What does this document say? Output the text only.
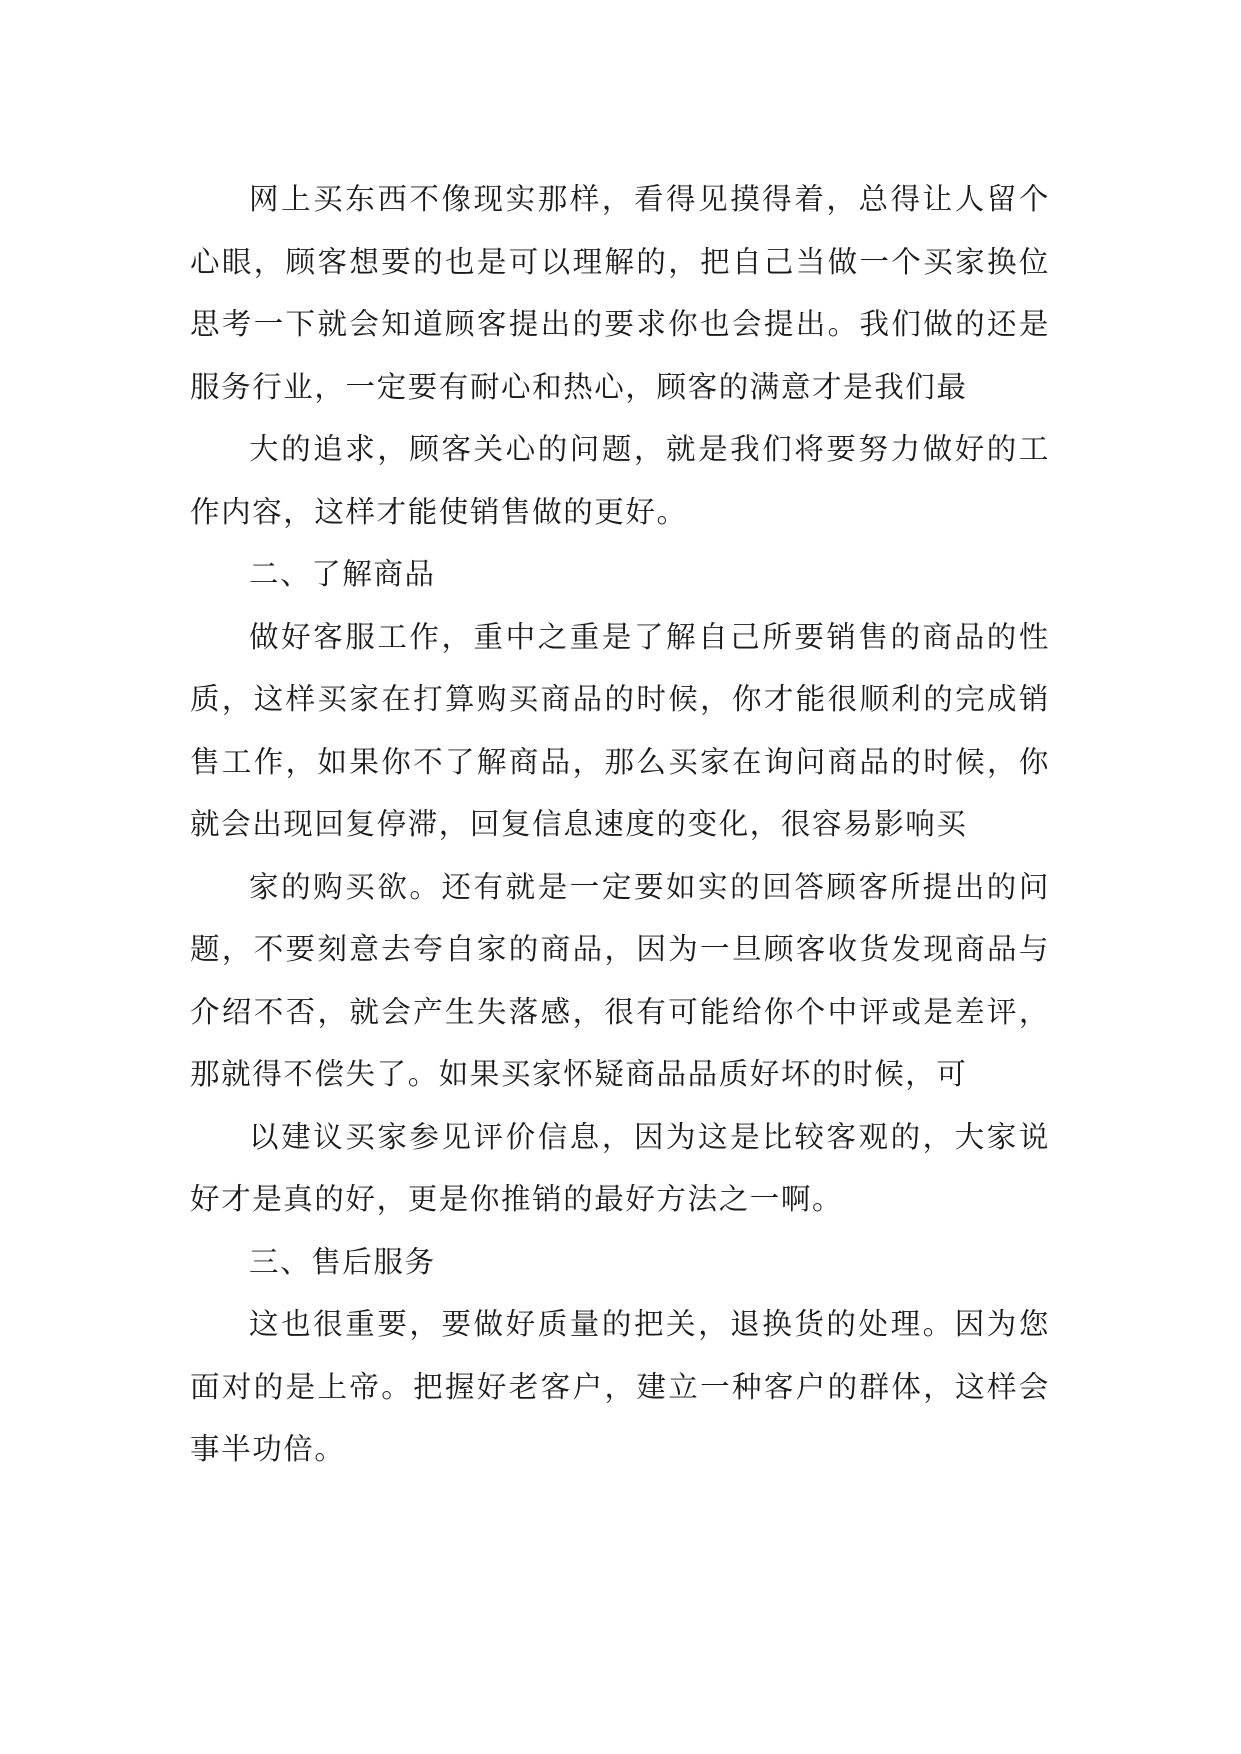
网上买东西不像现实那样，看得见摸得着，总得让人留个心眼，顾客想要的也是可以理解的，把自己当做一个买家换位思考一下就会知道顾客提出的要求你也会提出。我们做的还是服务行业，一定要有耐心和热心，顾客的满意才是我们最

大的追求，顾客关心的问题，就是我们将要努力做好的工作内容，这样才能使销售做的更好。

二、了解商品

做好客服工作，重中之重是了解自己所要销售的商品的性质，这样买家在打算购买商品的时候，你才能很顺利的完成销售工作，如果你不了解商品，那么买家在询问商品的时候，你就会出现回复停滞，回复信息速度的变化，很容易影响买

家的购买欲。还有就是一定要如实的回答顾客所提出的问题，不要刻意去夸自家的商品，因为一旦顾客收货发现商品与介绍不否，就会产生失落感，很有可能给你个中评或是差评，那就得不偿失了。如果买家怀疑商品品质好坏的时候，可

以建议买家参见评价信息，因为这是比较客观的，大家说好才是真的好，更是你推销的最好方法之一啊。

三、售后服务

这也很重要，要做好质量的把关，退换货的处理。因为您面对的是上帝。把握好老客户，建立一种客户的群体，这样会事半功倍。
